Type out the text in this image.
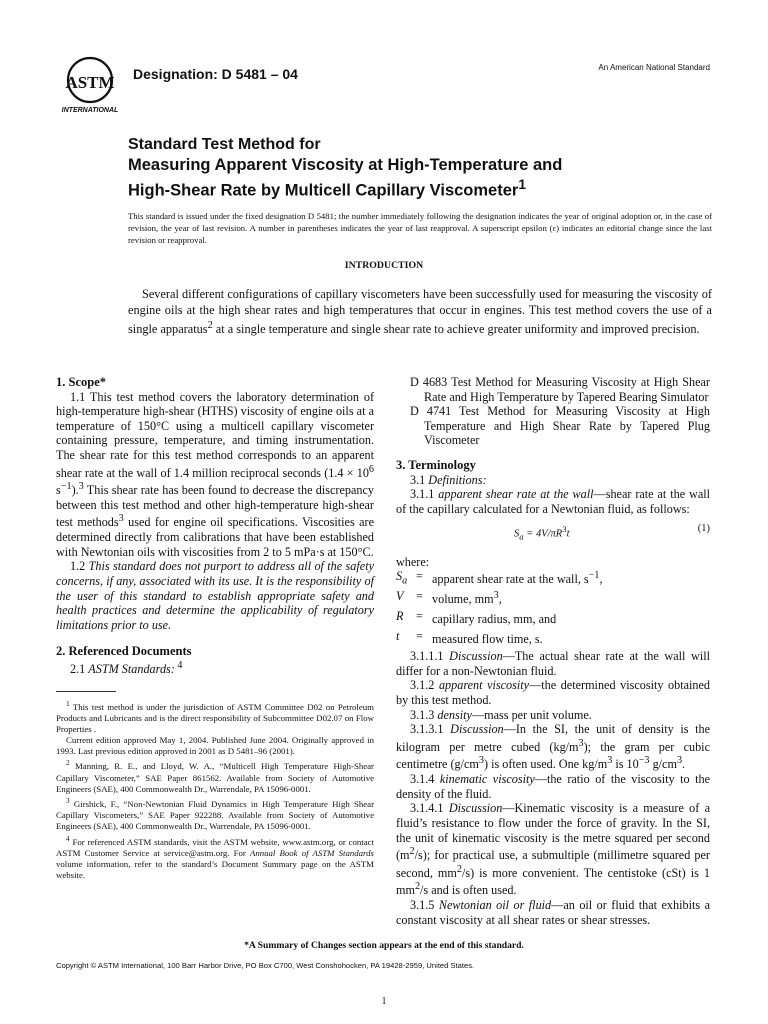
ASTM
INTERNATIONAL
Designation: D 5481 – 04	An American National Standard
Standard Test Method for
Measuring Apparent Viscosity at High-Temperature and
High-Shear Rate by Multicell Capillary Viscometer$^1$
This standard is issued under the fixed designation D 5481; the number immediately following the designation indicates the year of original adoption or, in the case of revision, the year of last revision. A number in parentheses indicates the year of last reapproval. A superscript epsilon (ε) indicates an editorial change since the last revision or reapproval.
INTRODUCTION
Several different configurations of capillary viscometers have been successfully used for measuring the viscosity of engine oils at the high shear rates and high temperatures that occur in engines. This test method covers the use of a single apparatus$^2$ at a single temperature and single shear rate to achieve greater uniformity and improved precision.

1. Scope*

1.1 This test method covers the laboratory determination of high-temperature high-shear (HTHS) viscosity of engine oils at a temperature of 150°C using a multicell capillary viscometer containing pressure, temperature, and timing instrumentation. The shear rate for this test method corresponds to an apparent shear rate at the wall of 1.4 million reciprocal seconds ($1.4 \times 10^6$ $s^{-1}).^3$ This shear rate has been found to decrease the discrepancy between this test method and other high-temperature high-shear test methods$^3$ used for engine oil specifications. Viscosities are determined directly from calibrations that have been established with Newtonian oils with viscosities from 2 to 5 mPa·s at 150°C.

1.2 This standard does not purport to address all of the safety concerns, if any, associated with its use. It is the responsibility of the user of this standard to establish appropriate safety and health practices and determine the applicability of regulatory limitations prior to use.

2. Referenced Documents

2.1 ASTM Standards: $^4$

$^1$ This test method is under the jurisdiction of ASTM Committee D02 on Petroleum Products and Lubricants and is the direct responsibility of Subcommittee D02.07 on Flow Properties .

Current edition approved May 1, 2004. Published June 2004. Originally approved in 1993. Last previous edition approved in 2001 as D 5481–96 (2001).

$^2$ Manning, R. E., and Lloyd, W. A., “Multicell High Temperature High-Shear Capillary Viscometer,” SAE Paper 861562. Available from Society of Automotive Engineers (SAE), 400 Commonwealth Dr., Warrendale, PA 15096-0001.

$^3$ Girshick, F., “Non-Newtonian Fluid Dynamics in High Temperature High Shear Capillary Viscometers,” SAE Paper 922288. Available from Society of Automotive Engineers (SAE), 400 Commonwealth Dr., Warrendale, PA 15096-0001.

$^4$ For referenced ASTM standards, visit the ASTM website, www.astm.org, or contact ASTM Customer Service at service@astm.org. For Annual Book of ASTM Standards volume information, refer to the standard’s Document Summary page on the ASTM website.

D 4683 Test Method for Measuring Viscosity at High Shear Rate and High Temperature by Tapered Bearing Simulator

D 4741 Test Method for Measuring Viscosity at High Temperature and High Shear Rate by Tapered Plug Viscometer

3. Terminology

3.1 Definitions:

3.1.1 apparent shear rate at the wall—shear rate at the wall of the capillary calculated for a Newtonian fluid, as follows:

$S_a = 4V/\pi R^3t$	(1)

where:

$S_a$	=	apparent shear rate at the wall, $s^{-1}$,
V	=	volume, $mm^3$,
R	=	capillary radius, mm, and
t	=	measured flow time, s.

3.1.1.1 Discussion—The actual shear rate at the wall will differ for a non-Newtonian fluid.

3.1.2 apparent viscosity—the determined viscosity obtained by this test method.

3.1.3 density—mass per unit volume.

3.1.3.1 Discussion—In the SI, the unit of density is the kilogram per metre cubed $(kg/m^3)$; the gram per cubic centimetre $(g/cm^3)$ is often used. One $kg/m^3$ is $10^{-3}$ $g/cm^3$.

3.1.4 kinematic viscosity—the ratio of the viscosity to the density of the fluid.

3.1.4.1 Discussion—Kinematic viscosity is a measure of a fluid’s resistance to flow under the force of gravity. In the SI, the unit of kinematic viscosity is the metre squared per second $(m^2/s)$; for practical use, a submultiple (millimetre squared per second, $mm^2/s$) is more convenient. The centistoke (cSt) is 1 $mm^2/s$ and is often used.

3.1.5 Newtonian oil or fluid—an oil or fluid that exhibits a constant viscosity at all shear rates or shear stresses.

*A Summary of Changes section appears at the end of this standard.
Copyright © ASTM International, 100 Barr Harbor Drive, PO Box C700, West Conshohocken, PA 19428-2959, United States.
1
